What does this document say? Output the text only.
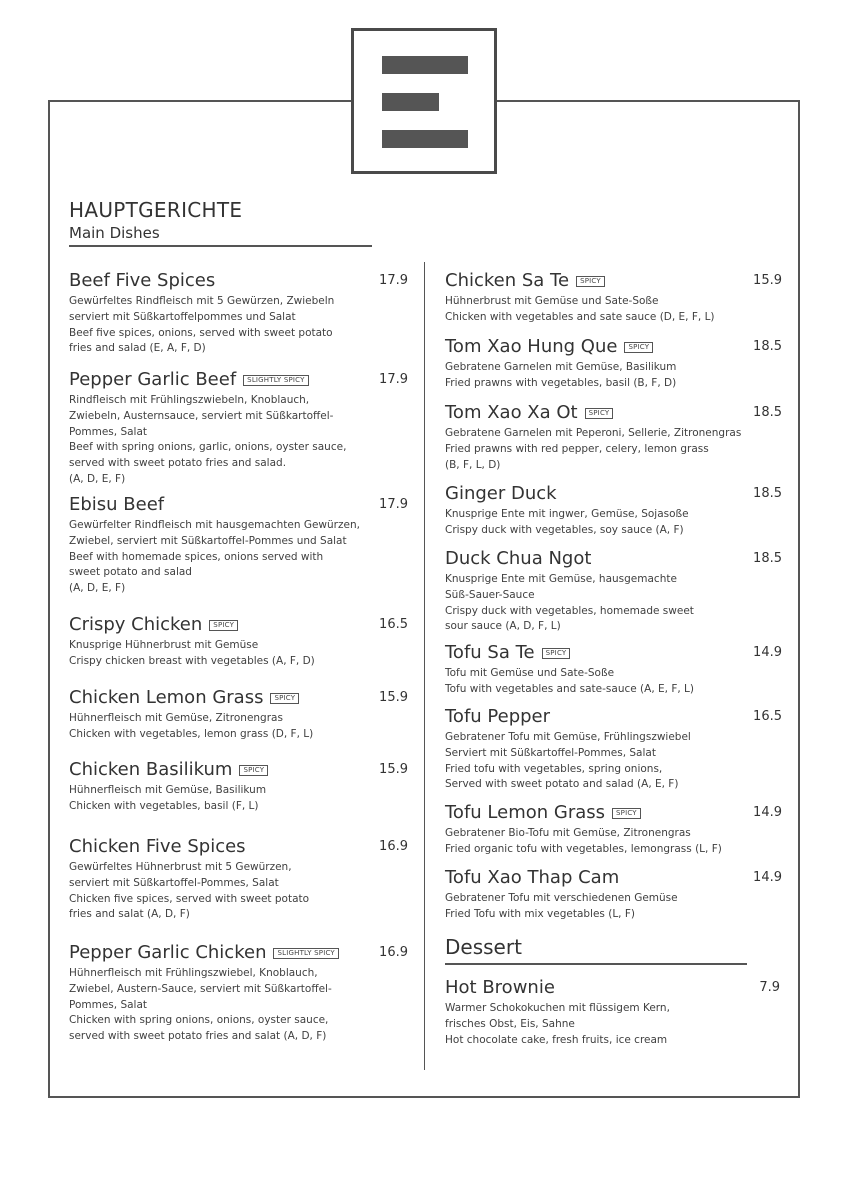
HAUPTGERICHTE
Main Dishes
Beef Five Spices	17.9
Gewürfeltes Rindfleisch mit 5 Gewürzen, Zwiebeln
serviert mit Süßkartoffelpommes und Salat
Beef five spices, onions, served with sweet potato
fries and salad (E, A, F, D)
Pepper Garlic Beef SLIGHTLY SPICY	17.9
Rindfleisch mit Frühlingszwiebeln, Knoblauch,
Zwiebeln, Austernsauce, serviert mit Süßkartoffel-
Pommes, Salat
Beef with spring onions, garlic, onions, oyster sauce,
served with sweet potato fries and salad.
(A, D, E, F)
Ebisu Beef	17.9
Gewürfelter Rindfleisch mit hausgemachten Gewürzen,
Zwiebel, serviert mit Süßkartoffel-Pommes und Salat
Beef with homemade spices, onions served with
sweet potato and salad
(A, D, E, F)
Crispy Chicken SPICY	16.5
Knusprige Hühnerbrust mit Gemüse
Crispy chicken breast with vegetables (A, F, D)
Chicken Lemon Grass SPICY	15.9
Hühnerfleisch mit Gemüse, Zitronengras
Chicken with vegetables, lemon grass (D, F, L)
Chicken Basilikum SPICY	15.9
Hühnerfleisch mit Gemüse, Basilikum
Chicken with vegetables, basil (F, L)
Chicken Five Spices	16.9
Gewürfeltes Hühnerbrust mit 5 Gewürzen,
serviert mit Süßkartoffel-Pommes, Salat
Chicken five spices, served with sweet potato
fries and salat (A, D, F)
Pepper Garlic Chicken SLIGHTLY SPICY	16.9
Hühnerfleisch mit Frühlingszwiebel, Knoblauch,
Zwiebel, Austern-Sauce, serviert mit Süßkartoffel-
Pommes, Salat
Chicken with spring onions, onions, oyster sauce,
served with sweet potato fries and salat (A, D, F)
Chicken Sa Te SPICY	15.9
Hühnerbrust mit Gemüse und Sate-Soße
Chicken with vegetables and sate sauce (D, E, F, L)
Tom Xao Hung Que SPICY	18.5
Gebratene Garnelen mit Gemüse, Basilikum
Fried prawns with vegetables, basil (B, F, D)
Tom Xao Xa Ot SPICY	18.5
Gebratene Garnelen mit Peperoni, Sellerie, Zitronengras
Fried prawns with red pepper, celery, lemon grass
(B, F, L, D)
Ginger Duck	18.5
Knusprige Ente mit ingwer, Gemüse, Sojasoße
Crispy duck with vegetables, soy sauce (A, F)
Duck Chua Ngot	18.5
Knusprige Ente mit Gemüse, hausgemachte
Süß-Sauer-Sauce
Crispy duck with vegetables, homemade sweet
sour sauce (A, D, F, L)
Tofu Sa Te SPICY	14.9
Tofu mit Gemüse und Sate-Soße
Tofu with vegetables and sate-sauce (A, E, F, L)
Tofu Pepper	16.5
Gebratener Tofu mit Gemüse, Frühlingszwiebel
Serviert mit Süßkartoffel-Pommes, Salat
Fried tofu with vegetables, spring onions,
Served with sweet potato and salad (A, E, F)
Tofu Lemon Grass SPICY	14.9
Gebratener Bio-Tofu mit Gemüse, Zitronengras
Fried organic tofu with vegetables, lemongrass (L, F)
Tofu Xao Thap Cam	14.9
Gebratener Tofu mit verschiedenen Gemüse
Fried Tofu with mix vegetables (L, F)
Dessert
Hot Brownie	7.9
Warmer Schokokuchen mit flüssigem Kern,
frisches Obst, Eis, Sahne
Hot chocolate cake, fresh fruits, ice cream
